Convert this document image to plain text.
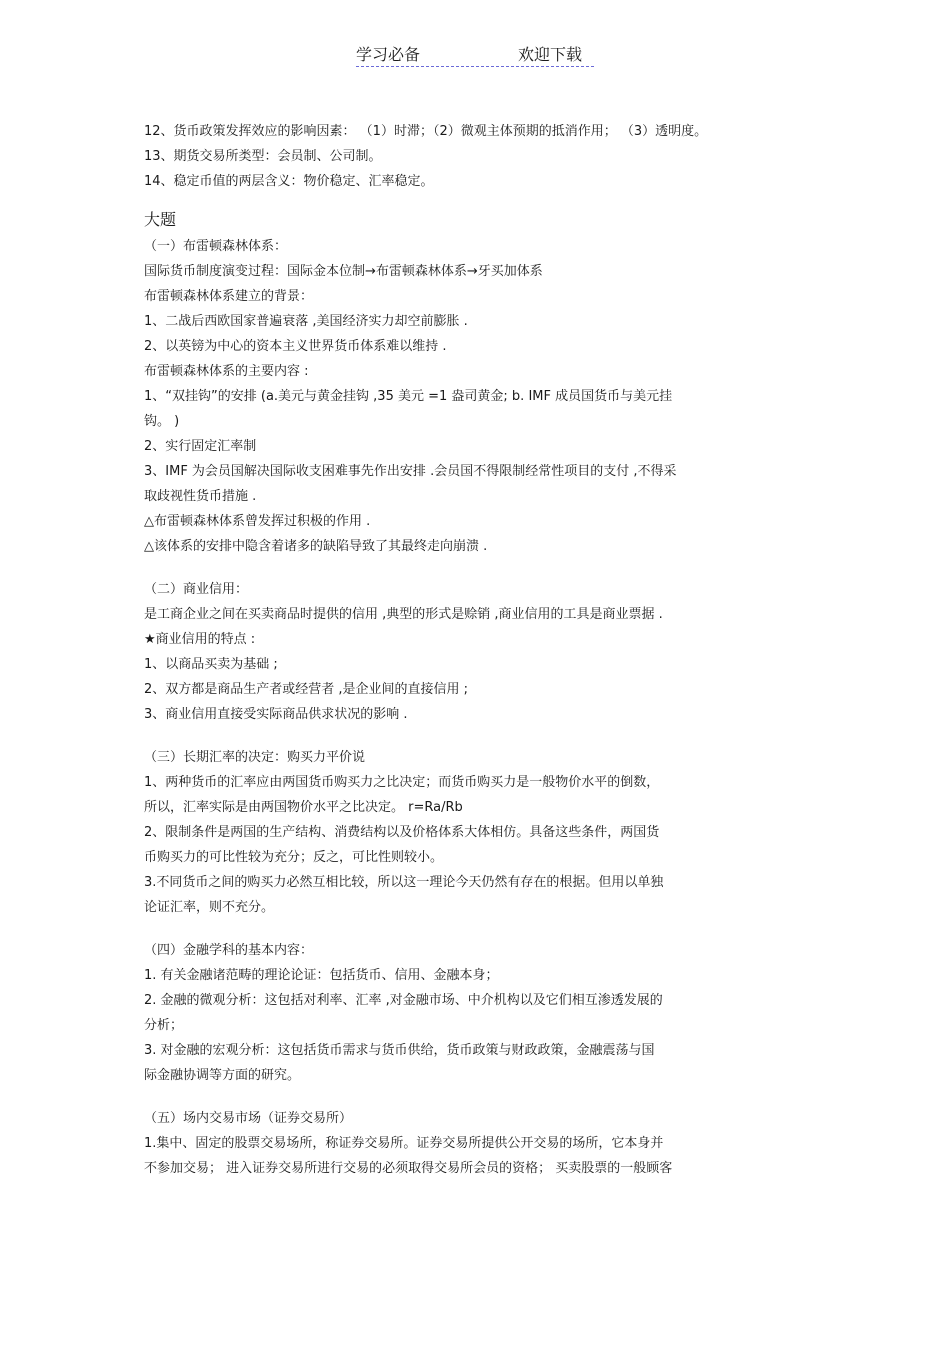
学习必备	欢迎下载
12、货币政策发挥效应的影响因素： （1）时滞；（2）微观主体预期的抵消作用； （3）透明度。
13、期货交易所类型：会员制、公司制。
14、稳定币值的两层含义：物价稳定、汇率稳定。
大题
（一）布雷顿森林体系：
国际货币制度演变过程：国际金本位制→布雷顿森林体系→牙买加体系
布雷顿森林体系建立的背景：
1、二战后西欧国家普遍衰落 ,美国经济实力却空前膨胀 .
2、以英镑为中心的资本主义世界货币体系难以维持 .
布雷顿森林体系的主要内容 :
1、“双挂钩”的安排 (a.美元与黄金挂钩 ,35 美元 =1 盎司黄金; b. IMF 成员国货币与美元挂
钩。 )
2、实行固定汇率制
3、IMF 为会员国解决国际收支困难事先作出安排 .会员国不得限制经常性项目的支付 ,不得采
取歧视性货币措施 .
△布雷顿森林体系曾发挥过积极的作用 .
△该体系的安排中隐含着诸多的缺陷导致了其最终走向崩溃 .
（二）商业信用：
是工商企业之间在买卖商品时提供的信用 ,典型的形式是赊销 ,商业信用的工具是商业票据 .
★商业信用的特点 :
1、以商品买卖为基础 ;
2、双方都是商品生产者或经营者 ,是企业间的直接信用 ;
3、商业信用直接受实际商品供求状况的影响 .
（三）长期汇率的决定：购买力平价说
1、两种货币的汇率应由两国货币购买力之比决定；而货币购买力是一般物价水平的倒数，
所以，汇率实际是由两国物价水平之比决定。 r=Ra/Rb
2、限制条件是两国的生产结构、消费结构以及价格体系大体相仿。具备这些条件，两国货
币购买力的可比性较为充分；反之，可比性则较小。
3.不同货币之间的购买力必然互相比较，所以这一理论今天仍然有存在的根据。但用以单独
论证汇率，则不充分。
（四）金融学科的基本内容：
1. 有关金融诸范畴的理论论证：包括货币、信用、金融本身；
2. 金融的微观分析：这包括对利率、汇率 ,对金融市场、中介机构以及它们相互渗透发展的
分析；
3. 对金融的宏观分析：这包括货币需求与货币供给，货币政策与财政政策，金融震荡与国
际金融协调等方面的研究。
（五）场内交易市场（证券交易所）
1.集中、固定的股票交易场所，称证券交易所。证券交易所提供公开交易的场所，它本身并
不参加交易； 进入证券交易所进行交易的必须取得交易所会员的资格； 买卖股票的一般顾客
